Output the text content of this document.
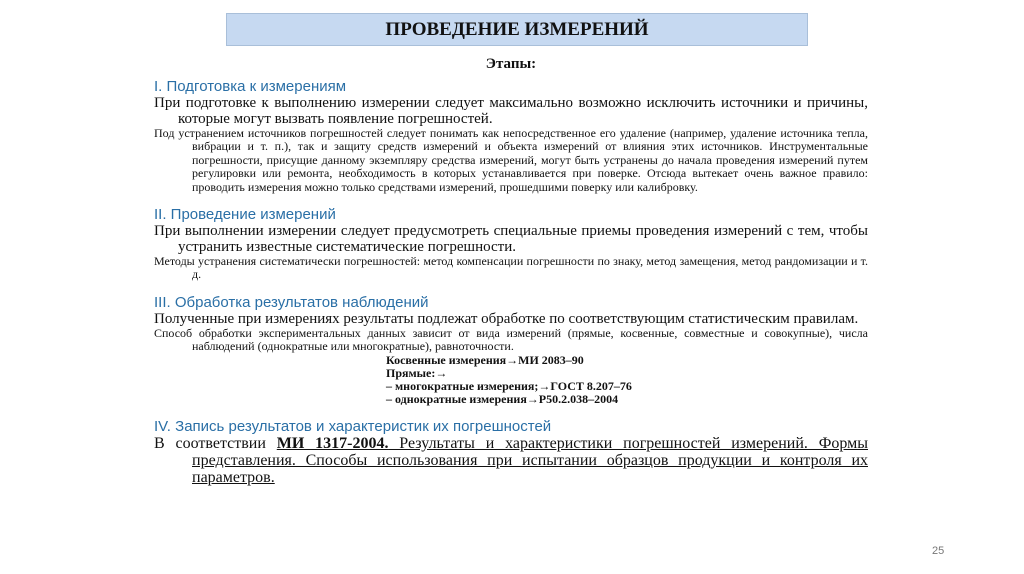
ПРОВЕДЕНИЕ ИЗМЕРЕНИЙ
Этапы:
I. Подготовка к измерениям

При подготовке к выполнению измерении следует максимально возможно исключить источники и причины, которые могут вызвать появление погрешностей.

Под устранением источников погрешностей следует понимать как непосредственное его удаление (например, удаление источника тепла, вибрации и т. п.), так и защиту средств измерений и объекта измерений от влияния этих источников. Инструментальные погрешности, присущие данному экземпляру средства измерений, могут быть устранены до начала проведения измерений путем регулировки или ремонта, необходимость в которых устанавливается при поверке. Отсюда вытекает очень важное правило: проводить измерения можно только средствами измерений, прошедшими поверку или калибровку.

II. Проведение измерений

При выполнении измерении следует предусмотреть специальные приемы проведения измерений с тем, чтобы устранить известные систематические погрешности.

Методы устранения систематически погрешностей: метод компенсации погрешности по знаку, метод замещения, метод рандомизации и т. д.

III. Обработка результатов наблюдений

Полученные при измерениях результаты подлежат обработке по соответствующим статистическим правилам.

Способ обработки экспериментальных данных зависит от вида измерений (прямые, косвенные, совместные и совокупные), числа наблюдений (однократные или многократные), равноточности.

Косвенные измерения→МИ 2083–90
Прямые:→
– многократные измерения;→ГОСТ 8.207–76
– однократные измерения→Р50.2.038–2004
IV. Запись результатов и характеристик их погрешностей

В соответствии МИ 1317-2004. Результаты и характеристики погрешностей измерений. Формы представления. Способы использования при испытании образцов продукции и контроля их параметров.

25
